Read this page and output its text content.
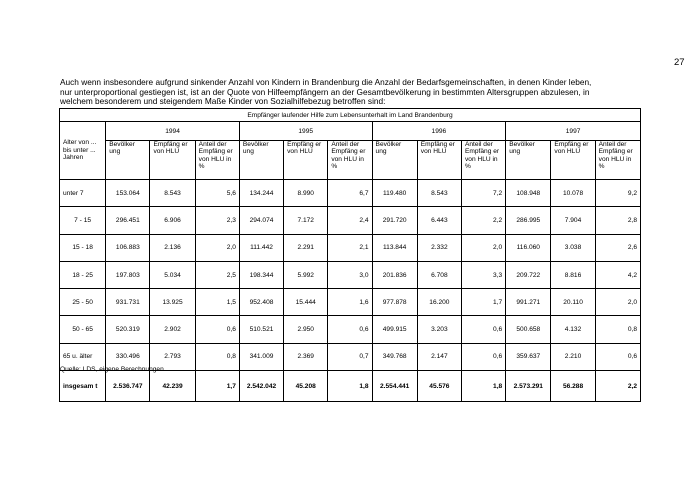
27
Auch wenn insbesondere aufgrund sinkender Anzahl von Kindern in Brandenburg die Anzahl der Bedarfsgemeinschaften, in denen Kinder leben,
nur unterproportional gestiegen ist, ist an der Quote von Hilfeempfängern an der Gesamtbevölkerung in bestimmten Altersgruppen abzulesen, in
welchem besonderem und steigendem Maße Kinder von Sozialhilfebezug betroffen sind:
Empfänger laufender Hilfe zum Lebensunterhalt im Land Brandenburg												
Alter von ... bis unter ... Jahren	1994			1995			1996			1997		
	Bevölker ung	Empfäng er von HLU	Anteil der Empfäng er von HLU in %	Bevölker ung	Empfäng er von HLU	Anteil der Empfäng er von HLU in %	Bevölker ung	Empfäng er von HLU	Anteil der Empfäng er von HLU in %	Bevölker ung	Empfäng er von HLU	Anteil der Empfäng er von HLU in %
unter 7	153.064	8.543	5,6	134.244	8.990	6,7	119.480	8.543	7,2	108.948	10.078	9,2
7 - 15	296.451	6.906	2,3	294.074	7.172	2,4	291.720	6.443	2,2	286.995	7.904	2,8
15 - 18	106.883	2.136	2,0	111.442	2.291	2,1	113.844	2.332	2,0	116.060	3.038	2,6
18 - 25	197.803	5.034	2,5	198.344	5.992	3,0	201.836	6.708	3,3	209.722	8.816	4,2
25 - 50	931.731	13.925	1,5	952.408	15.444	1,6	977.878	16.200	1,7	991.271	20.110	2,0
50 - 65	520.319	2.902	0,6	510.521	2.950	0,6	499.915	3.203	0,6	500.658	4.132	0,8
65 u. älter	330.496	2.793	0,8	341.009	2.369	0,7	349.768	2.147	0,6	359.637	2.210	0,6
insgesam t	2.536.747	42.239	1,7	2.542.042	45.208	1,8	2.554.441	45.576	1,8	2.573.291	56.288	2,2
Quelle: LDS, eigene Berechnungen
